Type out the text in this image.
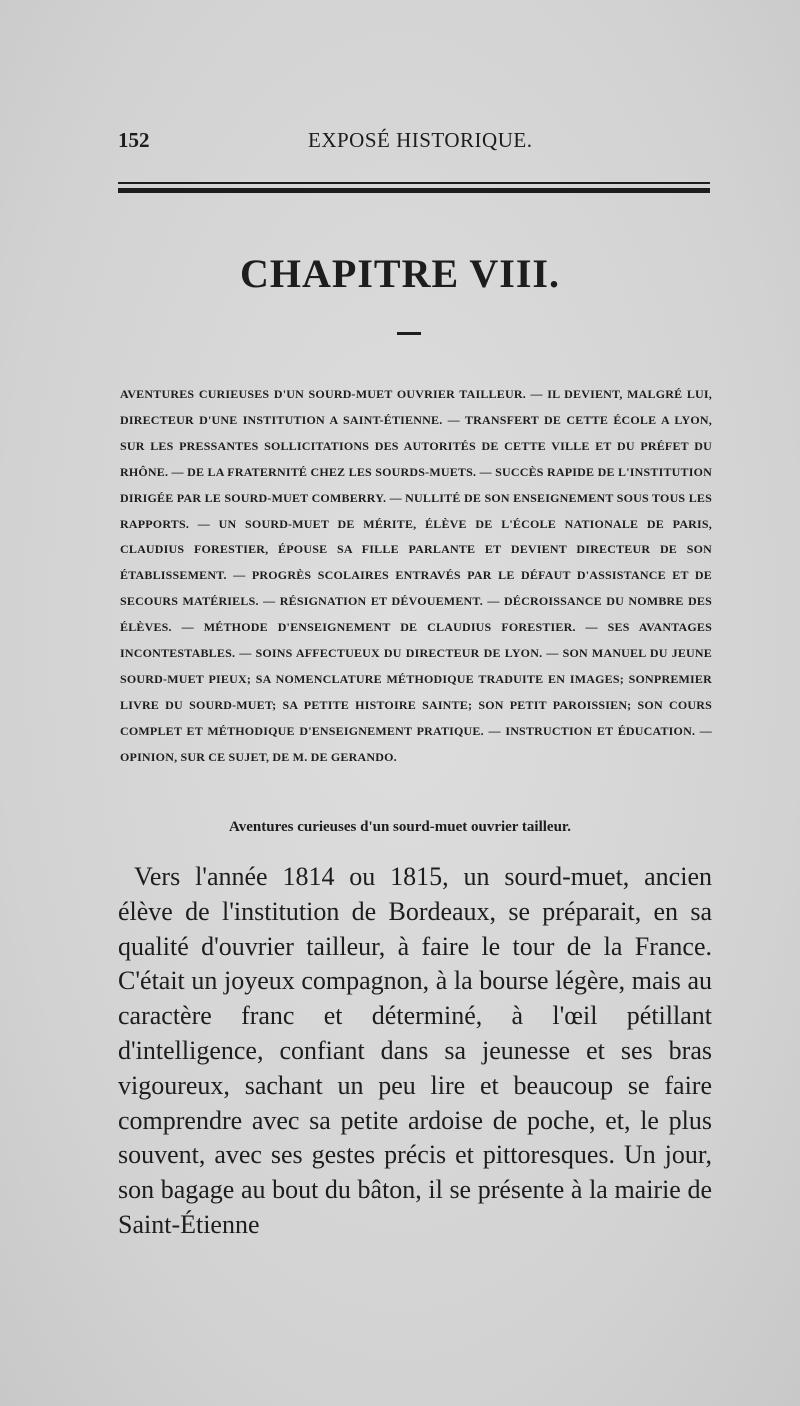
152	EXPOSÉ HISTORIQUE.
CHAPITRE VIII.

AVENTURES CURIEUSES D'UN SOURD-MUET OUVRIER TAILLEUR. — IL DEVIENT, MALGRÉ LUI, DIRECTEUR D'UNE INSTITUTION A SAINT-ÉTIENNE. — TRANSFERT DE CETTE ÉCOLE A LYON, SUR LES PRESSANTES SOLLICITATIONS DES AUTORITÉS DE CETTE VILLE ET DU PRÉFET DU RHÔNE. — DE LA FRATERNITÉ CHEZ LES SOURDS-MUETS. — SUCCÈS RAPIDE DE L'INSTITUTION DIRIGÉE PAR LE SOURD-MUET COMBERRY. — NULLITÉ DE SON ENSEIGNEMENT SOUS TOUS LES RAPPORTS. — UN SOURD-MUET DE MÉRITE, ÉLÈVE DE L'ÉCOLE NATIONALE DE PARIS, CLAUDIUS FORESTIER, ÉPOUSE SA FILLE PARLANTE ET DEVIENT DIRECTEUR DE SON ÉTABLISSEMENT. — PROGRÈS SCOLAIRES ENTRAVÉS PAR LE DÉFAUT D'ASSISTANCE ET DE SECOURS MATÉRIELS. — RÉSIGNATION ET DÉVOUEMENT. — DÉCROISSANCE DU NOMBRE DES ÉLÈVES. — MÉTHODE D'ENSEIGNEMENT DE CLAUDIUS FORESTIER. — SES AVANTAGES INCONTESTABLES. — SOINS AFFECTUEUX DU DIRECTEUR DE LYON. — SON MANUEL DU JEUNE SOURD-MUET PIEUX; SA NOMENCLATURE MÉTHODIQUE TRADUITE EN IMAGES; SONPREMIER LIVRE DU SOURD-MUET; SA PETITE HISTOIRE SAINTE; SON PETIT PAROISSIEN; SON COURS COMPLET ET MÉTHODIQUE D'ENSEIGNEMENT PRATIQUE. — INSTRUCTION ET ÉDUCATION. — OPINION, SUR CE SUJET, DE M. DE GERANDO.

Aventures curieuses d'un sourd-muet ouvrier tailleur.

Vers l'année 1814 ou 1815, un sourd-muet, ancien élève de l'institution de Bordeaux, se préparait, en sa qualité d'ouvrier tailleur, à faire le tour de la France. C'était un joyeux compagnon, à la bourse légère, mais au caractère franc et déterminé, à l'œil pétillant d'intelligence, confiant dans sa jeunesse et ses bras vigoureux, sachant un peu lire et beaucoup se faire comprendre avec sa petite ardoise de poche, et, le plus souvent, avec ses gestes précis et pittoresques. Un jour, son bagage au bout du bâton, il se présente à la mairie de Saint-Étienne
